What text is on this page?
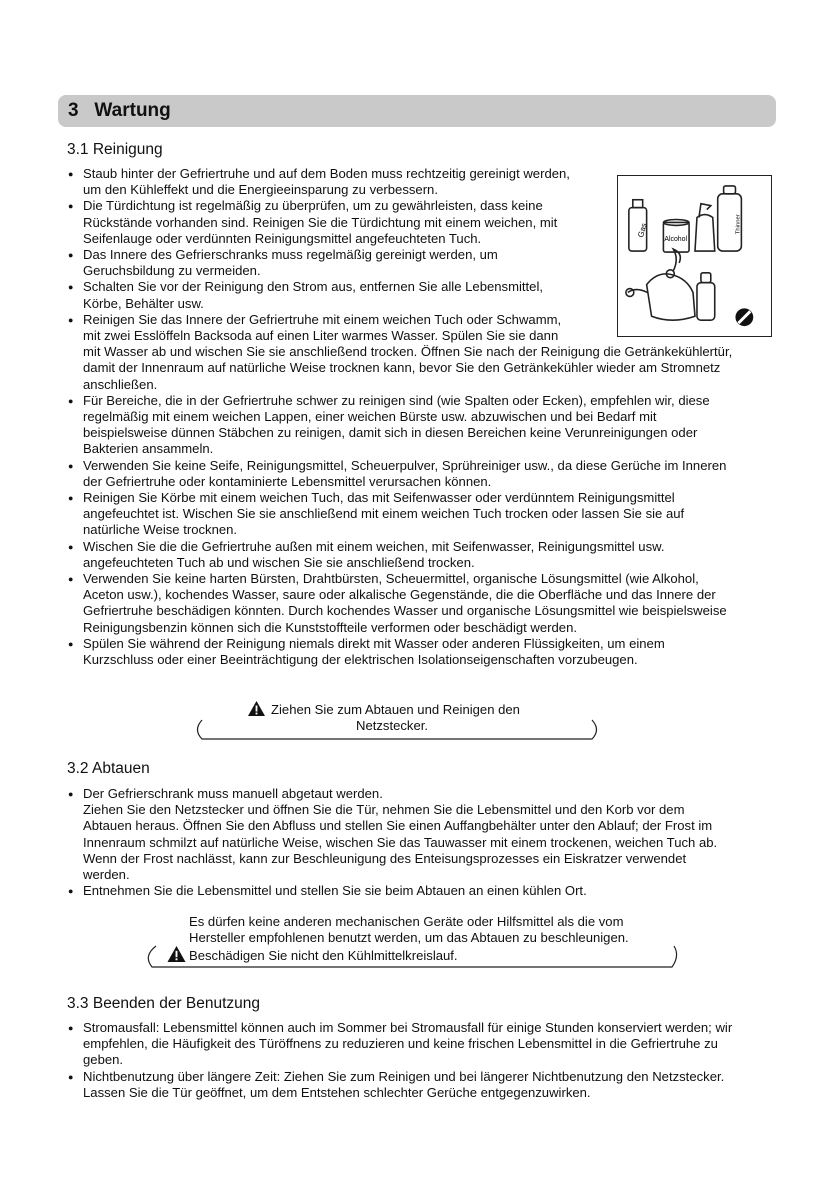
3 Wartung
3.1 Reinigung

● Staub hinter der Gefriertruhe und auf dem Boden muss rechtzeitig gereinigt werden,

um den Kühleffekt und die Energieeinsparung zu verbessern.

● Die Türdichtung ist regelmäßig zu überprüfen, um zu gewährleisten, dass keine

Rückstände vorhanden sind. Reinigen Sie die Türdichtung mit einem weichen, mit

Seifenlauge oder verdünnten Reinigungsmittel angefeuchteten Tuch.

● Das Innere des Gefrierschranks muss regelmäßig gereinigt werden, um

Geruchsbildung zu vermeiden.

● Schalten Sie vor der Reinigung den Strom aus, entfernen Sie alle Lebensmittel,

Körbe, Behälter usw.

● Reinigen Sie das Innere der Gefriertruhe mit einem weichen Tuch oder Schwamm,

mit zwei Esslöffeln Backsoda auf einen Liter warmes Wasser. Spülen Sie sie dann

mit Wasser ab und wischen Sie sie anschließend trocken. Öffnen Sie nach der Reinigung die Getränkekühlertür,

damit der Innenraum auf natürliche Weise trocknen kann, bevor Sie den Getränkekühler wieder am Stromnetz

anschließen.

● Für Bereiche, die in der Gefriertruhe schwer zu reinigen sind (wie Spalten oder Ecken), empfehlen wir, diese

regelmäßig mit einem weichen Lappen, einer weichen Bürste usw. abzuwischen und bei Bedarf mit

beispielsweise dünnen Stäbchen zu reinigen, damit sich in diesen Bereichen keine Verunreinigungen oder

Bakterien ansammeln.

● Verwenden Sie keine Seife, Reinigungsmittel, Scheuerpulver, Sprühreiniger usw., da diese Gerüche im Inneren

der Gefriertruhe oder kontaminierte Lebensmittel verursachen können.

● Reinigen Sie Körbe mit einem weichen Tuch, das mit Seifenwasser oder verdünntem Reinigungsmittel

angefeuchtet ist. Wischen Sie sie anschließend mit einem weichen Tuch trocken oder lassen Sie sie auf

natürliche Weise trocknen.

● Wischen Sie die die Gefriertruhe außen mit einem weichen, mit Seifenwasser, Reinigungsmittel usw.

angefeuchteten Tuch ab und wischen Sie sie anschließend trocken.

● Verwenden Sie keine harten Bürsten, Drahtbürsten, Scheuermittel, organische Lösungsmittel (wie Alkohol,

Aceton usw.), kochendes Wasser, saure oder alkalische Gegenstände, die die Oberfläche und das Innere der

Gefriertruhe beschädigen könnten. Durch kochendes Wasser und organische Lösungsmittel wie beispielsweise

Reinigungsbenzin können sich die Kunststoffteile verformen oder beschädigt werden.

● Spülen Sie während der Reinigung niemals direkt mit Wasser oder anderen Flüssigkeiten, um einem

Kurzschluss oder einer Beeinträchtigung der elektrischen Isolationseigenschaften vorzubeugen.

Gas
Alcohol
Thinner
Ziehen Sie zum Abtauen und Reinigen den
Netzstecker.
3.2 Abtauen

● Der Gefrierschrank muss manuell abgetaut werden.

Ziehen Sie den Netzstecker und öffnen Sie die Tür, nehmen Sie die Lebensmittel und den Korb vor dem

Abtauen heraus. Öffnen Sie den Abfluss und stellen Sie einen Auffangbehälter unter den Ablauf; der Frost im

Innenraum schmilzt auf natürliche Weise, wischen Sie das Tauwasser mit einem trockenen, weichen Tuch ab.

Wenn der Frost nachlässt, kann zur Beschleunigung des Enteisungsprozesses ein Eiskratzer verwendet

werden.

● Entnehmen Sie die Lebensmittel und stellen Sie sie beim Abtauen an einen kühlen Ort.

Es dürfen keine anderen mechanischen Geräte oder Hilfsmittel als die vom
Hersteller empfohlenen benutzt werden, um das Abtauen zu beschleunigen.
Beschädigen Sie nicht den Kühlmittelkreislauf.
3.3 Beenden der Benutzung

● Stromausfall: Lebensmittel können auch im Sommer bei Stromausfall für einige Stunden konserviert werden; wir

empfehlen, die Häufigkeit des Türöffnens zu reduzieren und keine frischen Lebensmittel in die Gefriertruhe zu

geben.

● Nichtbenutzung über längere Zeit: Ziehen Sie zum Reinigen und bei längerer Nichtbenutzung den Netzstecker.

Lassen Sie die Tür geöffnet, um dem Entstehen schlechter Gerüche entgegenzuwirken.
